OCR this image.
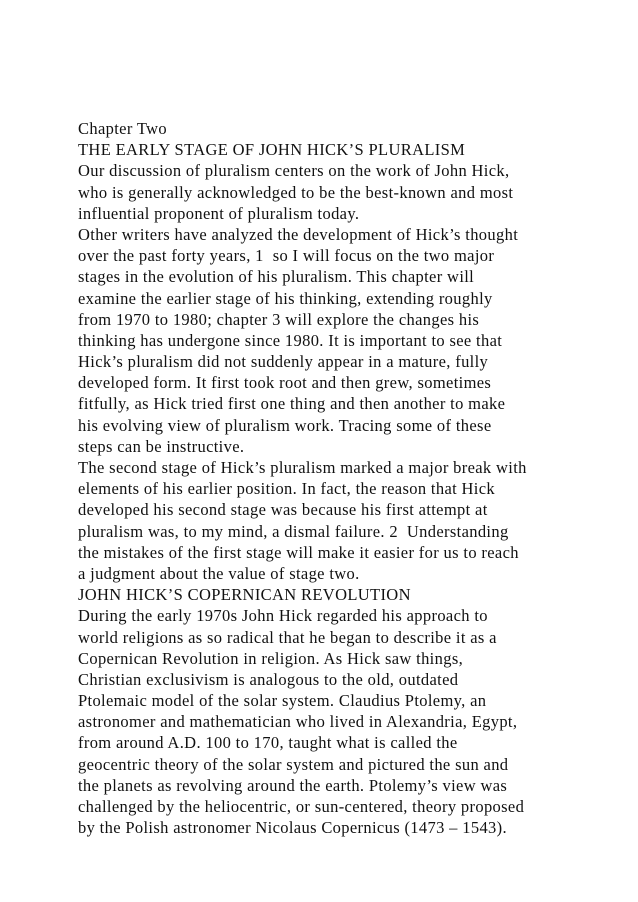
Chapter Two
THE EARLY STAGE OF JOHN HICK’S PLURALISM
Our discussion of pluralism centers on the work of John Hick,
who is generally acknowledged to be the best-known and most
influential proponent of pluralism today.
Other writers have analyzed the development of Hick’s thought
over the past forty years, 1  so I will focus on the two major
stages in the evolution of his pluralism. This chapter will
examine the earlier stage of his thinking, extending roughly
from 1970 to 1980; chapter 3 will explore the changes his
thinking has undergone since 1980. It is important to see that
Hick’s pluralism did not suddenly appear in a mature, fully
developed form. It first took root and then grew, sometimes
fitfully, as Hick tried first one thing and then another to make
his evolving view of pluralism work. Tracing some of these
steps can be instructive.
The second stage of Hick’s pluralism marked a major break with
elements of his earlier position. In fact, the reason that Hick
developed his second stage was because his first attempt at
pluralism was, to my mind, a dismal failure. 2  Understanding
the mistakes of the first stage will make it easier for us to reach
a judgment about the value of stage two.
JOHN HICK’S COPERNICAN REVOLUTION
During the early 1970s John Hick regarded his approach to
world religions as so radical that he began to describe it as a
Copernican Revolution in religion. As Hick saw things,
Christian exclusivism is analogous to the old, outdated
Ptolemaic model of the solar system. Claudius Ptolemy, an
astronomer and mathematician who lived in Alexandria, Egypt,
from around A.D. 100 to 170, taught what is called the
geocentric theory of the solar system and pictured the sun and
the planets as revolving around the earth. Ptolemy’s view was
challenged by the heliocentric, or sun-centered, theory proposed
by the Polish astronomer Nicolaus Copernicus (1473 – 1543).
